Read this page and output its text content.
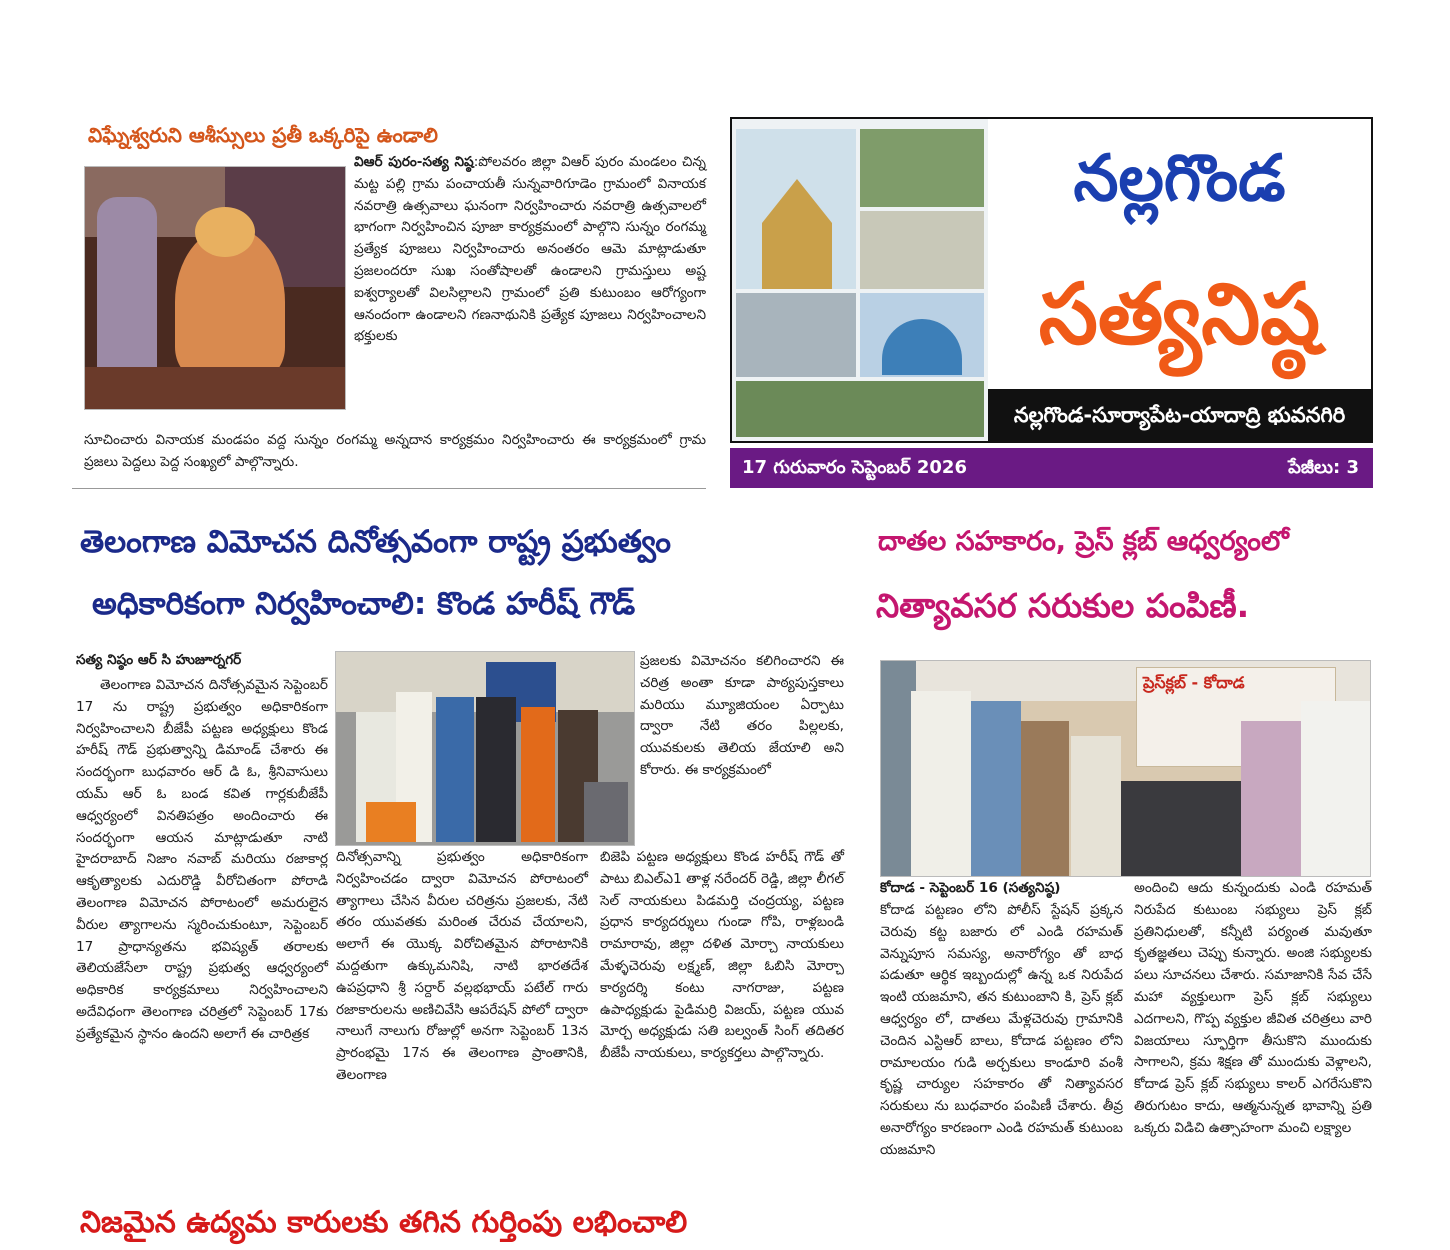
విఘ్నేశ్వరుని ఆశీస్సులు ప్రతీ ఒక్కరిపై ఉండాలి
విఆర్ పురం-సత్య నిష్ఠ:పోలవరం జిల్లా విఆర్ పురం మండలం చిన్న మట్ట పల్లి గ్రామ పంచాయతీ సున్నవారిగూడెం గ్రామంలో వినాయక నవరాత్రి ఉత్సవాలు ఘనంగా నిర్వహించారు నవరాత్రి ఉత్సవాలలో భాగంగా నిర్వహించిన పూజా కార్యక్రమంలో పాల్గొని సున్నం రంగమ్మ ప్రత్యేక పూజలు నిర్వహించారు అనంతరం ఆమె మాట్లాడుతూ ప్రజలందరూ సుఖ సంతోషాలతో ఉండాలని గ్రామస్తులు అష్ట ఐశ్వర్యాలతో విలసిల్లాలని గ్రామంలో ప్రతి కుటుంబం ఆరోగ్యంగా ఆనందంగా ఉండాలని గణనాథునికి ప్రత్యేక పూజలు నిర్వహించాలని భక్తులకు
సూచించారు వినాయక మండపం వద్ద సున్నం రంగమ్మ అన్నదాన కార్యక్రమం నిర్వహించారు ఈ కార్యక్రమంలో గ్రామ ప్రజలు పెద్దలు పెద్ద సంఖ్యలో పాల్గొన్నారు.
నల్లగొండ
సత్యనిష్ఠ
నల్లగొండ-సూర్యాపేట-యాదాద్రి భువనగిరి
17 గురువారం సెప్టెంబర్ 2026	పేజీలు: 3
తెలంగాణ విమోచన దినోత్సవంగా రాష్ట్ర ప్రభుత్వం
అధికారికంగా నిర్వహించాలి: కొండ హరీష్ గౌడ్
దాతల సహకారం, ప్రెస్ క్లబ్ ఆధ్వర్యంలో
నిత్యావసర సరుకుల పంపిణీ.
సత్య నిష్ఠం ఆర్ సి హుజూర్నగర్
తెలంగాణ విమోచన దినోత్సవమైన సెప్టెంబర్ 17 ను రాష్ట్ర ప్రభుత్వం అధికారికంగా నిర్వహించాలని బీజేపీ పట్టణ అధ్యక్షులు కొండ హరీష్ గౌడ్ ప్రభుత్వాన్ని డిమాండ్ చేశారు ఈ సందర్భంగా బుధవారం ఆర్ డి ఓ, శ్రీనివాసులు యమ్ ఆర్ ఓ బండ కవిత గార్లకుబీజేపీ ఆధ్వర్యంలో వినతిపత్రం అందించారు ఈ సందర్భంగా ఆయన మాట్లాడుతూ నాటి హైదరాబాద్ నిజాం నవాబ్ మరియు రజాకార్ల ఆకృత్యాలకు ఎదురొడ్డి వీరోచితంగా పోరాడి తెలంగాణ విమోచన పోరాటంలో అమరులైన వీరుల త్యాగాలను స్మరించుకుంటూ, సెప్టెంబర్ 17 ప్రాధాన్యతను భవిష్యత్ తరాలకు తెలియజేసేలా రాష్ట్ర ప్రభుత్వ ఆధ్వర్యంలో అధికారిక కార్యక్రమాలు నిర్వహించాలని అదేవిధంగా తెలంగాణ చరిత్రలో సెప్టెంబర్ 17కు ప్రత్యేకమైన స్థానం ఉందని అలాగే ఈ చారిత్రక
ప్రజలకు విమోచనం కలిగించారని ఈ చరిత్ర అంతా కూడా పాఠ్యపుస్తకాలు మరియు మ్యూజియంల ఏర్పాటు ద్వారా నేటి తరం పిల్లలకు, యువకులకు తెలియ జేయాలి అని కోరారు. ఈ కార్యక్రమంలో
దినోత్సవాన్ని ప్రభుత్వం అధికారికంగా నిర్వహించడం ద్వారా విమోచన పోరాటంలో త్యాగాలు చేసిన వీరుల చరిత్రను ప్రజలకు, నేటి తరం యువతకు మరింత చేరువ చేయాలని, అలాగే ఈ యొక్క విరోచితమైన పోరాటానికి మద్దతుగా ఉక్కుమనిషి, నాటి భారతదేశ ఉపప్రధాని శ్రీ సర్దార్ వల్లభభాయ్ పటేల్ గారు రజాకారులను అణిచివేసి ఆపరేషన్ పోలో ద్వారా నాలుగే నాలుగు రోజుల్లో అనగా సెప్టెంబర్ 13న ప్రారంభమై 17న ఈ తెలంగాణ ప్రాంతానికి, తెలంగాణ
బిజెపి పట్టణ అధ్యక్షులు కొండ హరీష్ గౌడ్ తో పాటు బిఎల్ఎ1 తాళ్ల నరేందర్ రెడ్డి, జిల్లా లీగల్ సెల్ నాయకులు పిడమర్తి చంద్రయ్య, పట్టణ ప్రధాన కార్యదర్శులు గుండా గోపి, రాళ్లబండి రామారావు, జిల్లా దళిత మోర్చా నాయకులు మేళ్ళచెరువు లక్ష్మణ్, జిల్లా ఓబిసి మోర్చా కార్యదర్శి కంటు నాగరాజు, పట్టణ ఉపాధ్యక్షుడు పైడిమర్రి విజయ్, పట్టణ యువ మోర్చ అధ్యక్షుడు సతి బల్వంత్ సింగ్ తదితర బీజేపీ నాయకులు, కార్యకర్తలు పాల్గొన్నారు.
ప్రెస్‌క్లబ్ - కోదాడ
కోదాడ - సెప్టెంబర్ 16 (సత్యనిష్ఠ)
కోదాడ పట్టణం లోని పోలీస్ స్టేషన్ ప్రక్కన చెరువు కట్ట బజారు లో ఎండి రహమత్ వెన్నుపూస సమస్య, అనారోగ్యం తో బాధ పడుతూ ఆర్థిక ఇబ్బందుల్లో ఉన్న ఒక నిరుపేద ఇంటి యజమాని, తన కుటుంబాని కి, ప్రెస్ క్లబ్ ఆధ్వర్యం లో, దాతలు మేళ్లచెరువు గ్రామానికి చెందిన ఎస్టిఆర్ బాలు, కోదాడ పట్టణం లోని రామాలయం గుడి అర్చకులు కాండూరి వంశీ కృష్ణ చార్యుల సహకారం తో నిత్యావసర సరుకులు ను బుధవారం పంపిణీ చేశారు. తీవ్ర అనారోగ్యం కారణంగా ఎండి రహమత్ కుటుంబ యజమాని
అందించి ఆదు కున్నందుకు ఎండి రహమత్ నిరుపేద కుటుంబ సభ్యులు ప్రెస్ క్లబ్ ప్రతినిధులతో, కన్నీటి పర్యంత మవుతూ కృతజ్ఞతలు చెప్పు కున్నారు. అంజి సభ్యులకు పలు సూచనలు చేశారు. సమాజానికి సేవ చేసే మహా వ్యక్తులుగా ప్రెస్ క్లబ్ సభ్యులు ఎదగాలని, గొప్ప వ్యక్తుల జీవిత చరిత్రలు వారి విజయాలు స్ఫూర్తిగా తీసుకొని ముందుకు సాగాలని, క్రమ శిక్షణ తో ముందుకు వెళ్లాలని, కోదాడ ప్రెస్ క్లబ్ సభ్యులు కాలర్ ఎగరేసుకొని తిరుగుటం కాదు, ఆత్మనున్నత భావాన్ని ప్రతి ఒక్కరు విడిచి ఉత్సాహంగా మంచి లక్ష్యాల
నిజమైన ఉద్యమ కారులకు తగిన గుర్తింపు లభించాలి
